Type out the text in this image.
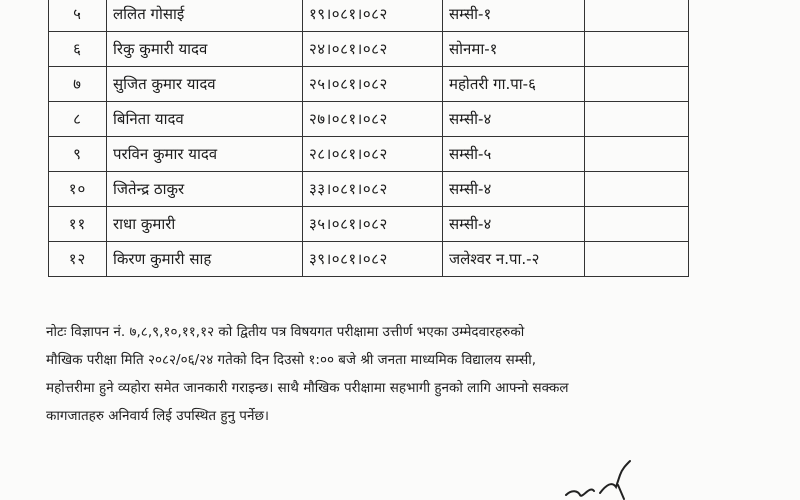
५	ललित गोसाई	१९।०८१।०८२	सम्सी-१	
६	रिकु कुमारी यादव	२४।०८१।०८२	सोनमा-१	
७	सुजित कुमार यादव	२५।०८१।०८२	महोतरी गा.पा-६	
८	बिनिता यादव	२७।०८१।०८२	सम्सी-४	
९	परविन कुमार यादव	२८।०८१।०८२	सम्सी-५	
१०	जितेन्द्र ठाकुर	३३।०८१।०८२	सम्सी-४	
११	राधा कुमारी	३५।०८१।०८२	सम्सी-४	
१२	किरण कुमारी साह	३९।०८१।०८२	जलेश्वर न.पा.-२	
नोटः विज्ञापन नं. ७,८,९,१०,११,१२ को द्वितीय पत्र विषयगत परीक्षामा उत्तीर्ण भएका उम्मेदवारहरुको
मौखिक परीक्षा मिति २०८२/०६/२४ गतेको दिन दिउसो १:०० बजे श्री जनता माध्यमिक विद्यालय सम्सी,
महोत्तरीमा हुने व्यहोरा समेत जानकारी गराइन्छ। साथै मौखिक परीक्षामा सहभागी हुनको लागि आफ्नो सक्कल
कागजातहरु अनिवार्य लिई उपस्थित हुनु पर्नेछ।
